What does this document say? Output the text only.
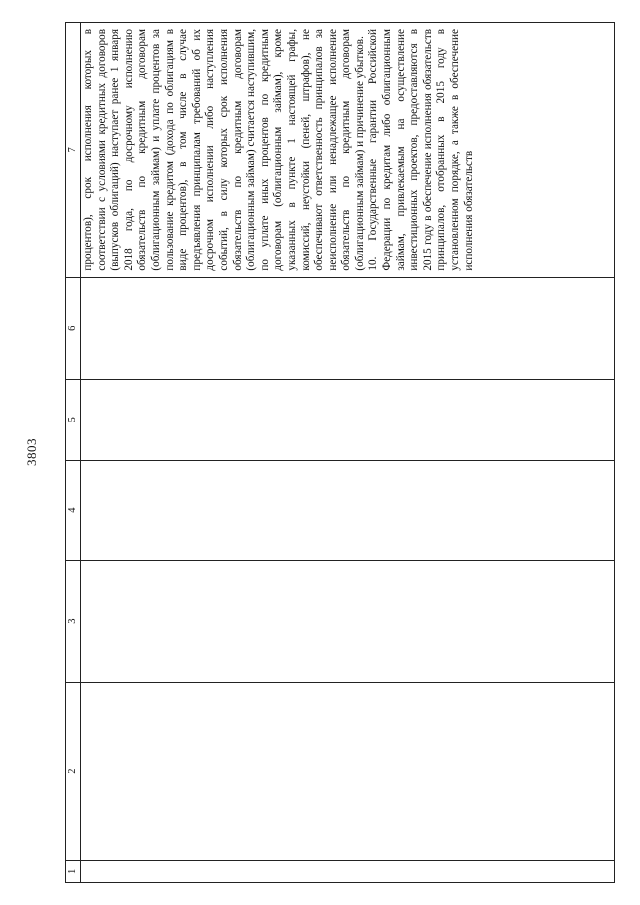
3803
1	2	3	4	5	6	7

						процентов), срок исполнения которых в соответствии с условиями кредитных договоров (выпусков облигаций) наступает ранее 1 января 2018 года, по досрочному исполнению обязательств по кредитным договорам (облигационным займам) и уплате процентов за пользование кредитом (дохода по облигациям в виде процентов), в том числе в случае предъявления принципалам требований об их досрочном исполнении либо наступления событий, в силу которых срок исполнения обязательств по кредитным договорам (облигационным займам) считается наступившим, по уплате иных процентов по кредитным договорам (облигационным займам), кроме указанных в пункте 1 настоящей графы, комиссий, неустойки (пеней, штрафов), не обеспечивают ответственность принципалов за неисполнение или ненадлежащее исполнение обязательств по кредитным договорам (облигационным займам) и причинение убытков. 10. Государственные гарантии Российской Федерации по кредитам либо облигационным займам, привлекаемым на осуществление инвестиционных проектов, предоставляются в 2015 году в обеспечение исполнения обязательств принципалов, отобранных в 2015 году в установленном порядке, а также в обеспечение исполнения обязательств
